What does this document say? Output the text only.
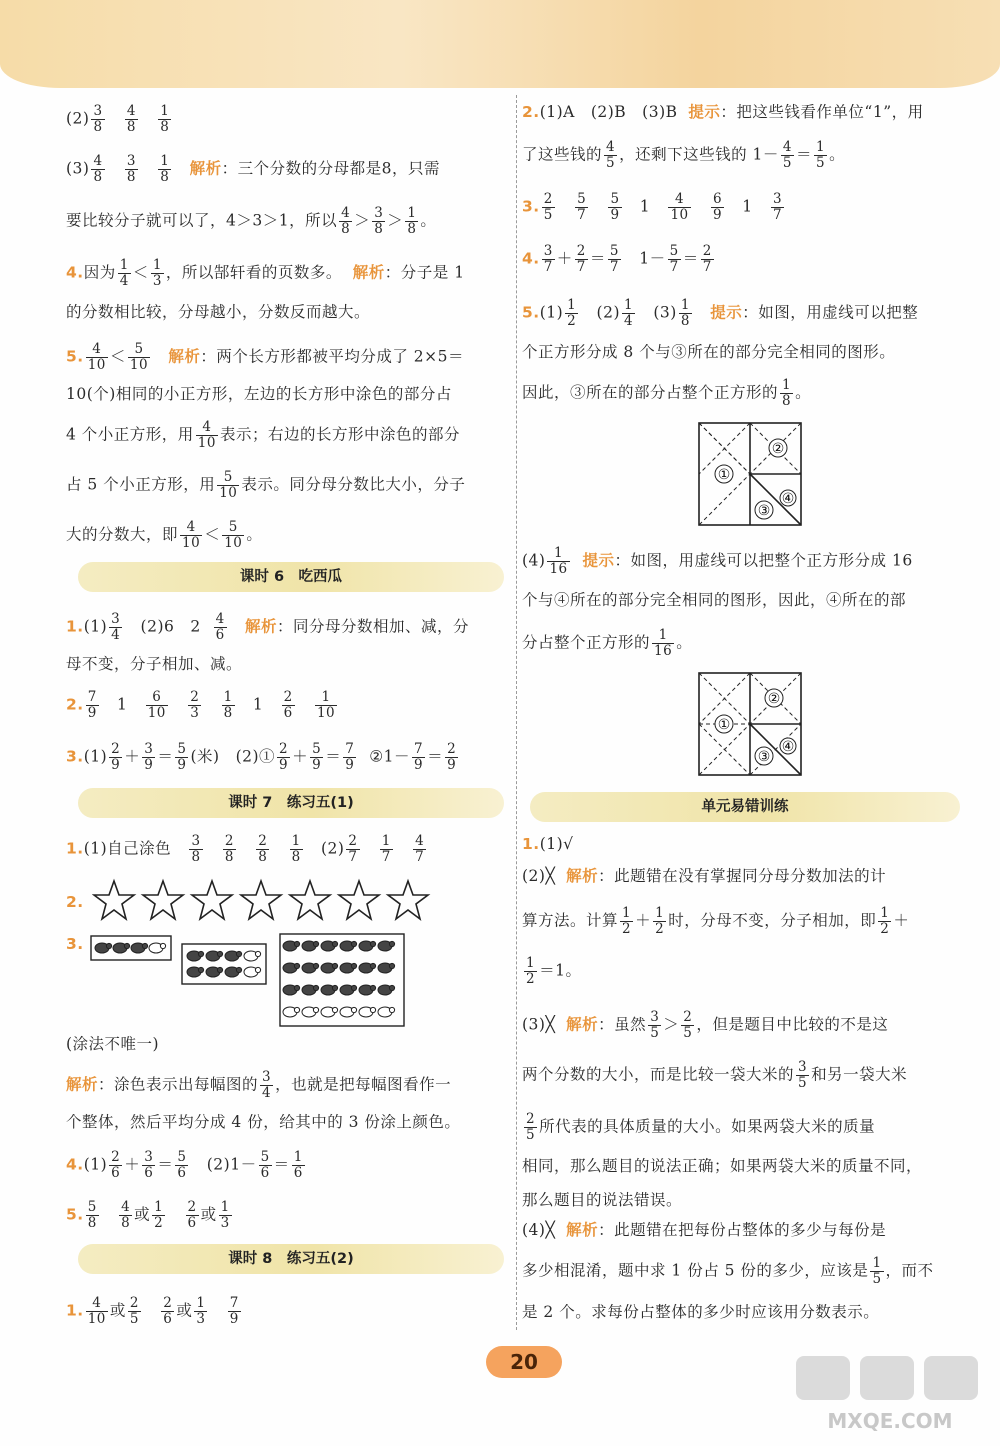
$(2) \frac{3}{8}$
$\frac{4}{8}$
$\frac{1}{8}$
$(3) \frac{4}{8}$
$\frac{3}{8}$
$\frac{1}{8}$ 解析：三个分数的分母都是8，只需
要比较分子就可以了，4＞3＞1，所以 $\frac{4}{8} > \frac{3}{8} > \frac{1}{8}$ 。
4.因为 $\frac{1}{4} < \frac{1}{3}$ ，所以郜轩看的页数多。 解析：分子是 1
的分数相比较，分母越小，分数反而越大。
5. $\frac{4}{10} < \frac{5}{10}$ 解析：两个长方形都被平均分成了 2×5＝
10(个)相同的小正方形，左边的长方形中涂色的部分占
4 个小正方形，用 $\frac{4}{10}$ 表示；右边的长方形中涂色的部分
占 5 个小正方形，用 $\frac{5}{10}$ 表示。同分母分数比大小，分子
大的分数大，即 $\frac{4}{10} < \frac{5}{10}$ 。
课时 6　吃西瓜
$1.(1) \frac{3}{4} (2)6$　$2 \frac{4}{6}$ 解析：同分母分数相加、减，分
母不变，分子相加、减。
2. $\frac{7}{9} 1 \frac{6}{10}$
$\frac{2}{3}$
$\frac{1}{8} 1 \frac{2}{6}$
$\frac{1}{10}$
$3.(1) \frac{2}{9} + \frac{3}{9} = \frac{5}{9}$ (米)　(2)① $\frac{2}{9} + \frac{5}{9} = \frac{7}{9}$ ②1－ $\frac{7}{9} = \frac{2}{9}$
课时 7　练习五(1)
1.(1)自己涂色 $\frac{3}{8}$
$\frac{2}{8}$
$\frac{2}{8}$
$\frac{1}{8} (2) \frac{2}{7}$
$\frac{1}{7}$
$\frac{4}{7}$
2.
3.
(涂法不唯一)
解析：涂色表示出每幅图的 $\frac{3}{4}$ ，也就是把每幅图看作一
个整体，然后平均分成 4 份，给其中的 3 份涂上颜色。
$4.(1) \frac{2}{6} + \frac{3}{6} = \frac{5}{6} (2)1- \frac{5}{6} = \frac{1}{6}$
5. $\frac{5}{8}$
$\frac{4}{8}$ 或 $\frac{1}{2}$
$\frac{2}{6}$ 或 $\frac{1}{3}$
课时 8　练习五(2)
1. $\frac{4}{10}$ 或 $\frac{2}{5}$
$\frac{2}{6}$ 或 $\frac{1}{3}$
$\frac{7}{9}$
2.(1)A　(2)B　(3)B 提示：把这些钱看作单位“1”，用
了这些钱的 $\frac{4}{5}$ ，还剩下这些钱的 $1- \frac{4}{5} = \frac{1}{5}$ 。
3. $\frac{2}{5}$
$\frac{5}{7}$
$\frac{5}{9} 1 \frac{4}{10}$
$\frac{6}{9} 1 \frac{3}{7}$
4. $\frac{3}{7} + \frac{2}{7} = \frac{5}{7} 1- \frac{5}{7} = \frac{2}{7}$
$5.(1) \frac{1}{2} (2) \frac{1}{4} (3) \frac{1}{8}$ 提示：如图，用虚线可以把整
个正方形分成 8 个与③所在的部分完全相同的图形。
因此，③所在的部分占整个正方形的 $\frac{1}{8}$ 。
①
②
③
④
$(4) \frac{1}{16}$ 提示：如图，用虚线可以把整个正方形分成 16
个与④所在的部分完全相同的图形，因此，④所在的部
分占整个正方形的 $\frac{1}{16}$ 。
①
②
③
④
单元易错训练
1.(1)√
(2)╳ 解析：此题错在没有掌握同分母分数加法的计
算方法。计算 $\frac{1}{2} + \frac{1}{2}$ 时，分母不变，分子相加，即 $\frac{1}{2}$ ＋
$\frac{1}{2} =1$。
(3)╳ 解析：虽然 $\frac{3}{5} > \frac{2}{5}$ ，但是题目中比较的不是这
两个分数的大小，而是比较一袋大米的 $\frac{3}{5}$ 和另一袋大米
$\frac{2}{5}$ 所代表的具体质量的大小。如果两袋大米的质量
相同，那么题目的说法正确；如果两袋大米的质量不同，
那么题目的说法错误。
(4)╳ 解析：此题错在把每份占整体的多少与每份是
多少相混淆，题中求 1 份占 5 份的多少，应该是 $\frac{1}{5}$ ，而不
是 2 个。求每份占整体的多少时应该用分数表示。
20
MXQE.COM
